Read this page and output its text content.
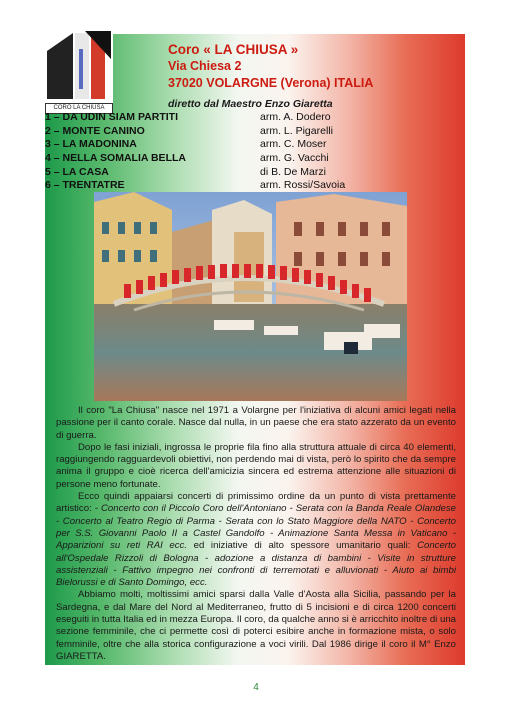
CORO LA CHIUSA
Coro « LA CHIUSA »
Via Chiesa 2
37020 VOLARGNE (Verona) ITALIA
diretto dal Maestro Enzo Giaretta
1 – DA UDIN SIAM PARTITI	arm. A. Dodero
2 – MONTE CANINO	arm. L. Pigarelli
3 – LA MADONINA	arm. C. Moser
4 – NELLA SOMALIA BELLA	arm. G. Vacchi
5 – LA CASA	di B. De Marzi
6 – TRENTATRE	arm. Rossi/Savoia

Il coro "La Chiusa" nasce nel 1971 a Volargne per l'iniziativa di alcuni amici legati nella passione per il canto corale. Nasce dal nulla, in un paese che era stato azzerato da un evento di guerra.

Dopo le fasi iniziali, ingrossa le proprie fila fino alla struttura attuale di circa 40 elementi, raggiungendo ragguardevoli obiettivi, non perdendo mai di vista, però lo spirito che da sempre anima il gruppo e cioè ricerca dell'amicizia sincera ed estrema attenzione alle situazioni di persone meno fortunate.

Ecco quindi appaiarsi concerti di primissimo ordine da un punto di vista prettamente artistico: - Concerto con il Piccolo Coro dell'Antoniano - Serata con la Banda Reale Olandese - Concerto al Teatro Regio di Parma - Serata con lo Stato Maggiore della NATO - Concerto per S.S. Giovanni Paolo II a Castel Gandolfo - Animazione Santa Messa in Vaticano - Apparizioni su reti RAI ecc. ed iniziative di alto spessore umanitario quali: Concerto all'Ospedale Rizzoli di Bologna - adozione a distanza di bambini - Visite in strutture assistenziali - Fattivo impegno nei confronti di terremotati e alluvionati - Aiuto ai bimbi Bielorussi e di Santo Domingo, ecc.

Abbiamo molti, moltissimi amici sparsi dalla Valle d'Aosta alla Sicilia, passando per la Sardegna, e dal Mare del Nord al Mediterraneo, frutto di 5 incisioni e di circa 1200 concerti eseguiti in tutta Italia ed in mezza Europa. Il coro, da qualche anno si è arricchito inoltre di una sezione femminile, che ci permette così di poterci esibire anche in formazione mista, o solo femminile, oltre che alla storica configurazione a voci virili. Dal 1986 dirige il coro il M° Enzo GIARETTA.

4
